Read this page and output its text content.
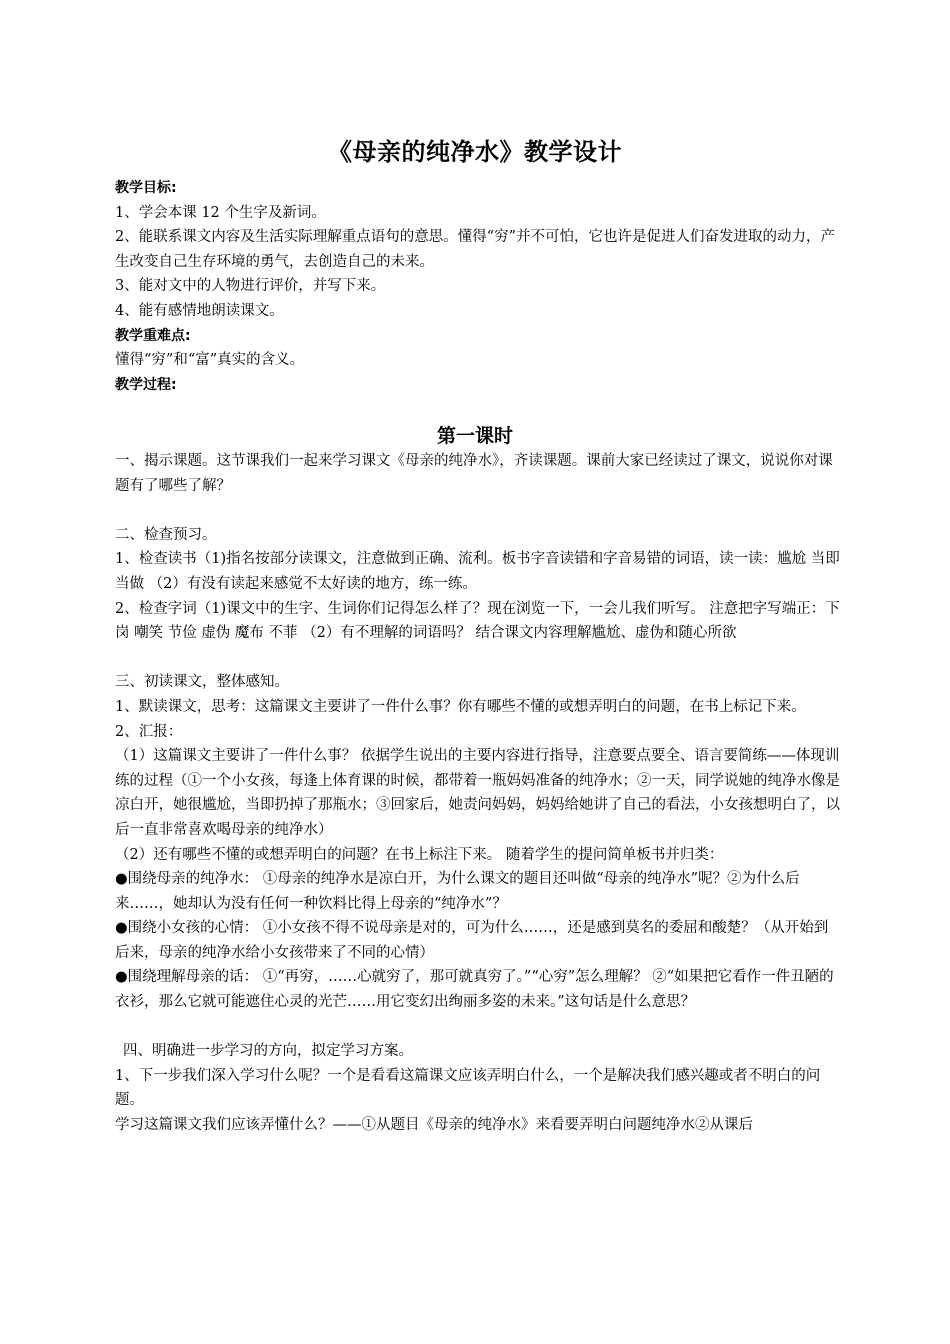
《母亲的纯净水》教学设计

教学目标:

1、学会本课 12 个生字及新词。

2、能联系课文内容及生活实际理解重点语句的意思。懂得“穷”并不可怕，它也许是促进人们奋发进取的动力，产生改变自己生存环境的勇气，去创造自己的未来。

3、能对文中的人物进行评价，并写下来。

4、能有感情地朗读课文。

教学重难点:

懂得“穷”和“富”真实的含义。

教学过程:

第一课时

一、揭示课题。这节课我们一起来学习课文《母亲的纯净水》，齐读课题。课前大家已经读过了课文，说说你对课题有了哪些了解？

二、检查预习。

1、检查读书（1)指名按部分读课文，注意做到正确、流利。板书字音读错和字音易错的词语，读一读：尴尬 当即 当做 （2）有没有读起来感觉不太好读的地方，练一练。

2、检查字词（1)课文中的生字、生词你们记得怎么样了？现在浏览一下，一会儿我们听写。 注意把字写端正：下岗 嘲笑 节俭 虚伪 魔布 不菲 （2）有不理解的词语吗？ 结合课文内容理解尴尬、虚伪和随心所欲

三、初读课文，整体感知。

1、默读课文，思考：这篇课文主要讲了一件什么事？你有哪些不懂的或想弄明白的问题，在书上标记下来。

2、汇报：

（1）这篇课文主要讲了一件什么事？ 依据学生说出的主要内容进行指导，注意要点要全、语言要简练——体现训练的过程（①一个小女孩，每逢上体育课的时候，都带着一瓶妈妈准备的纯净水；②一天，同学说她的纯净水像是凉白开，她很尴尬，当即扔掉了那瓶水；③回家后，她责问妈妈，妈妈给她讲了自己的看法，小女孩想明白了，以后一直非常喜欢喝母亲的纯净水）

（2）还有哪些不懂的或想弄明白的问题？在书上标注下来。 随着学生的提问简单板书并归类：

●围绕母亲的纯净水： ①母亲的纯净水是凉白开，为什么课文的题目还叫做“母亲的纯净水”呢？②为什么后来……，她却认为没有任何一种饮料比得上母亲的“纯净水”？

●围绕小女孩的心情： ①小女孩不得不说母亲是对的，可为什么……，还是感到莫名的委屈和酸楚？（从开始到后来，母亲的纯净水给小女孩带来了不同的心情）

●围绕理解母亲的话： ①“再穷，……心就穷了，那可就真穷了。”“心穷”怎么理解？ ②“如果把它看作一件丑陋的衣衫，那么它就可能遮住心灵的光芒……用它变幻出绚丽多姿的未来。”这句话是什么意思？

四、明确进一步学习的方向，拟定学习方案。

1、下一步我们深入学习什么呢？一个是看看这篇课文应该弄明白什么，一个是解决我们感兴趣或者不明白的问题。

学习这篇课文我们应该弄懂什么？——①从题目《母亲的纯净水》来看要弄明白问题纯净水②从课后
